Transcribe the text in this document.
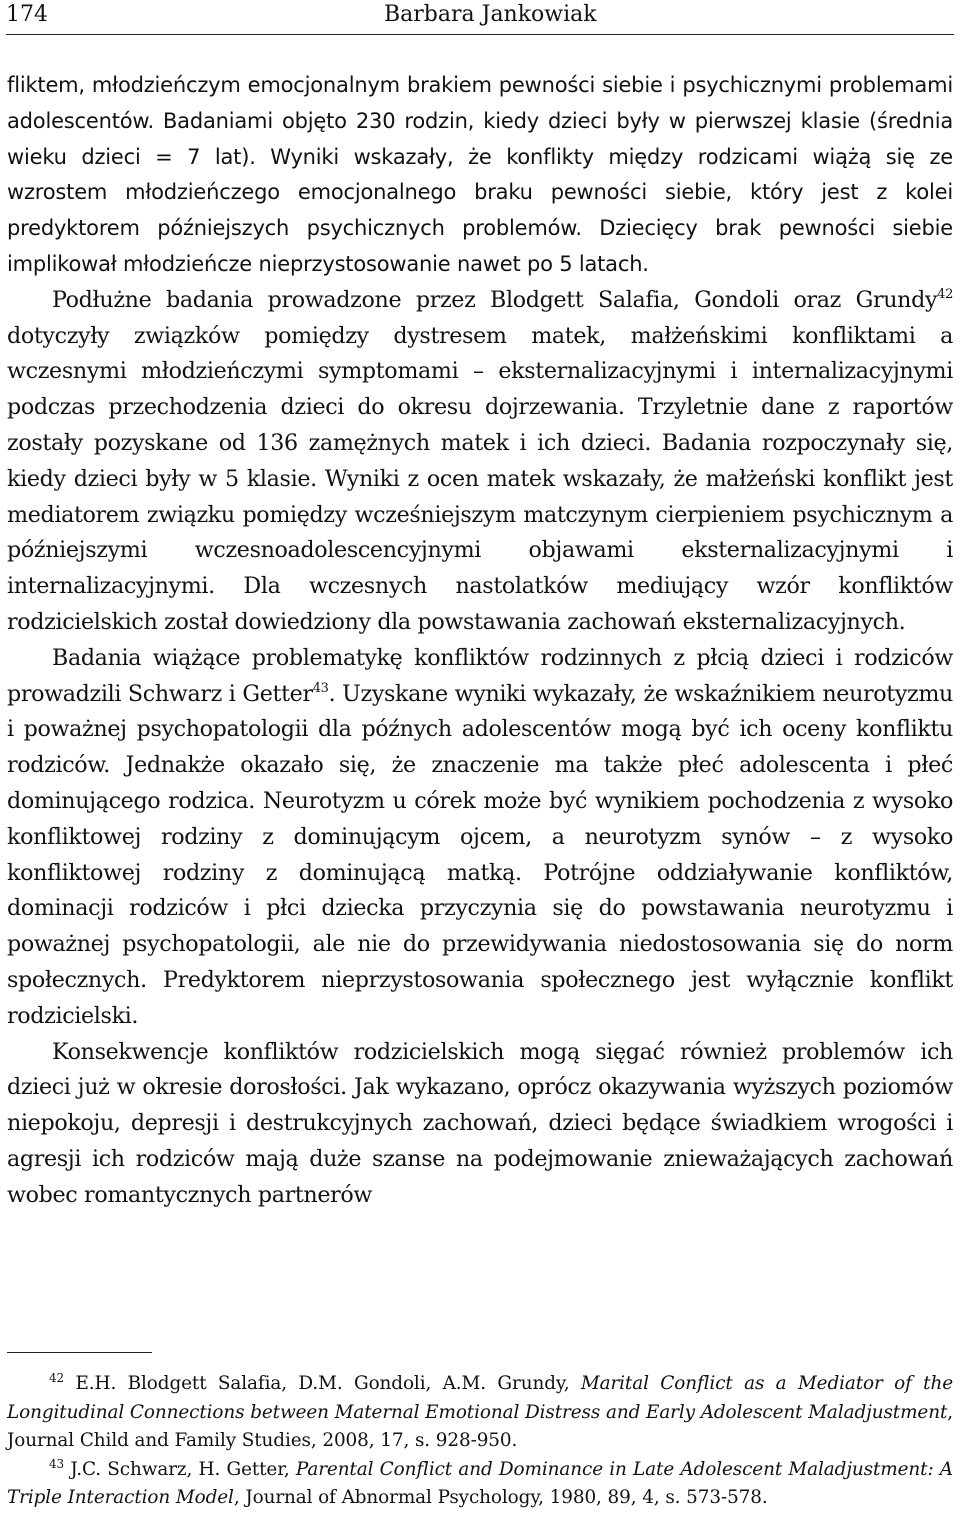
174	Barbara Jankowiak

fliktem, młodzieńczym emocjonalnym brakiem pewności siebie i psychicznymi problemami adolescentów. Badaniami objęto 230 rodzin, kiedy dzieci były w pierwszej klasie (średnia wieku dzieci = 7 lat). Wyniki wskazały, że konflikty między rodzicami wiążą się ze wzrostem młodzieńczego emocjonalnego braku pewności siebie, który jest z kolei predyktorem późniejszych psychicznych problemów. Dziecięcy brak pewności siebie implikował młodzieńcze nieprzystosowanie nawet po 5 latach.

Podłużne badania prowadzone przez Blodgett Salafia, Gondoli oraz Grundy$^{42}$ dotyczyły związków pomiędzy dystresem matek, małżeńskimi konfliktami a wczesnymi młodzieńczymi symptomami – eksternalizacyjnymi i internalizacyjnymi podczas przechodzenia dzieci do okresu dojrzewania. Trzyletnie dane z raportów zostały pozyskane od 136 zamężnych matek i ich dzieci. Badania rozpoczynały się, kiedy dzieci były w 5 klasie. Wyniki z ocen matek wskazały, że małżeński konflikt jest mediatorem związku pomiędzy wcześniejszym matczynym cierpieniem psychicznym a późniejszymi wczesnoadolescencyjnymi objawami eksternalizacyjnymi i internalizacyjnymi. Dla wczesnych nastolatków mediujący wzór konfliktów rodzicielskich został dowiedziony dla powstawania zachowań eksternalizacyjnych.

Badania wiążące problematykę konfliktów rodzinnych z płcią dzieci i rodziców prowadzili Schwarz i Getter$^{43}$. Uzyskane wyniki wykazały, że wskaźnikiem neurotyzmu i poważnej psychopatologii dla późnych adolescentów mogą być ich oceny konfliktu rodziców. Jednakże okazało się, że znaczenie ma także płeć adolescenta i płeć dominującego rodzica. Neurotyzm u córek może być wynikiem pochodzenia z wysoko konfliktowej rodziny z dominującym ojcem, a neurotyzm synów – z wysoko konfliktowej rodziny z dominującą matką. Potrójne oddziaływanie konfliktów, dominacji rodziców i płci dziecka przyczynia się do powstawania neurotyzmu i poważnej psychopatologii, ale nie do przewidywania niedostosowania się do norm społecznych. Predyktorem nieprzystosowania społecznego jest wyłącznie konflikt rodzicielski.

Konsekwencje konfliktów rodzicielskich mogą sięgać również problemów ich dzieci już w okresie dorosłości. Jak wykazano, oprócz okazywania wyższych poziomów niepokoju, depresji i destrukcyjnych zachowań, dzieci będące świadkiem wrogości i agresji ich rodziców mają duże szanse na podejmowanie znieważających zachowań wobec romantycznych partnerów

$^{42}$ E.H. Blodgett Salafia, D.M. Gondoli, A.M. Grundy, Marital Conflict as a Mediator of the Longitudinal Connections between Maternal Emotional Distress and Early Adolescent Maladjustment, Journal Child and Family Studies, 2008, 17, s. 928-950.

$^{43}$ J.C. Schwarz, H. Getter, Parental Conflict and Dominance in Late Adolescent Maladjustment: A Triple Interaction Model, Journal of Abnormal Psychology, 1980, 89, 4, s. 573-578.
